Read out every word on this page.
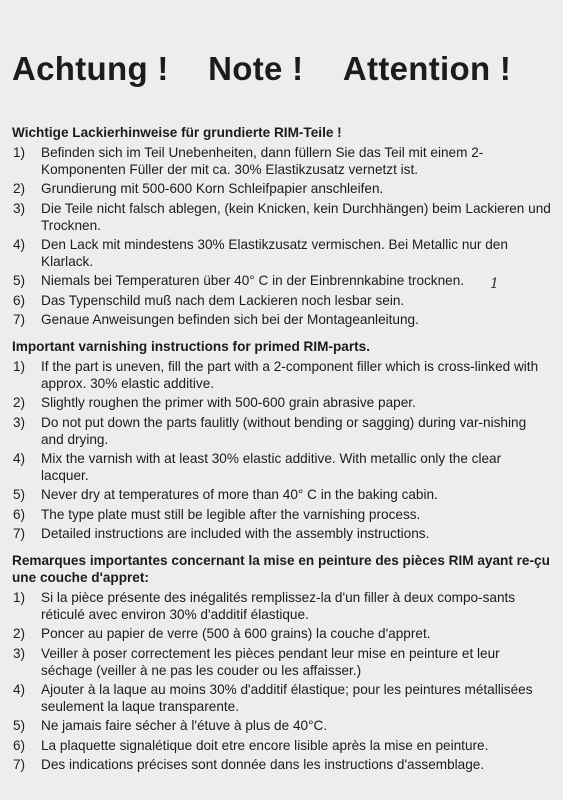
Achtung ! Note ! Attention !
Wichtige Lackierhinweise für grundierte RIM-Teile !
1) Befinden sich im Teil Unebenheiten, dann füllern Sie das Teil mit einem 2-Komponenten Füller der mit ca. 30% Elastikzusatz vernetzt ist.
2) Grundierung mit 500-600 Korn Schleifpapier anschleifen.
3) Die Teile nicht falsch ablegen, (kein Knicken, kein Durchhängen) beim Lackieren und Trocknen.
4) Den Lack mit mindestens 30% Elastikzusatz vermischen. Bei Metallic nur den Klarlack.
5) Niemals bei Temperaturen über 40° C in der Einbrennkabine trocknen.
6) Das Typenschild muß nach dem Lackieren noch lesbar sein.
7) Genaue Anweisungen befinden sich bei der Montageanleitung.
1
Important varnishing instructions for primed RIM-parts.
1) If the part is uneven, fill the part with a 2-component filler which is cross-linked with approx. 30% elastic additive.
2) Slightly roughen the primer with 500-600 grain abrasive paper.
3) Do not put down the parts faulitly (without bending or sagging) during var-nishing and drying.
4) Mix the varnish with at least 30% elastic additive. With metallic only the clear lacquer.
5) Never dry at temperatures of more than 40° C in the baking cabin.
6) The type plate must still be legible after the varnishing process.
7) Detailed instructions are included with the assembly instructions.
Remarques importantes concernant la mise en peinture des pièces RIM ayant re-çu une couche d'appret:
1) Si la pièce présente des inégalités remplissez-la d'un filler à deux compo-sants réticulé avec environ 30% d'additif élastique.
2) Poncer au papier de verre (500 à 600 grains) la couche d'appret.
3) Veiller à poser correctement les pièces pendant leur mise en peinture et leur séchage (veiller à ne pas les couder ou les affaisser.)
4) Ajouter à la laque au moins 30% d'additif élastique; pour les peintures métallisées seulement la laque transparente.
5) Ne jamais faire sécher à l'étuve à plus de 40°C.
6) La plaquette signalétique doit etre encore lisible après la mise en peinture.
7) Des indications précises sont donnée dans les instructions d'assemblage.
